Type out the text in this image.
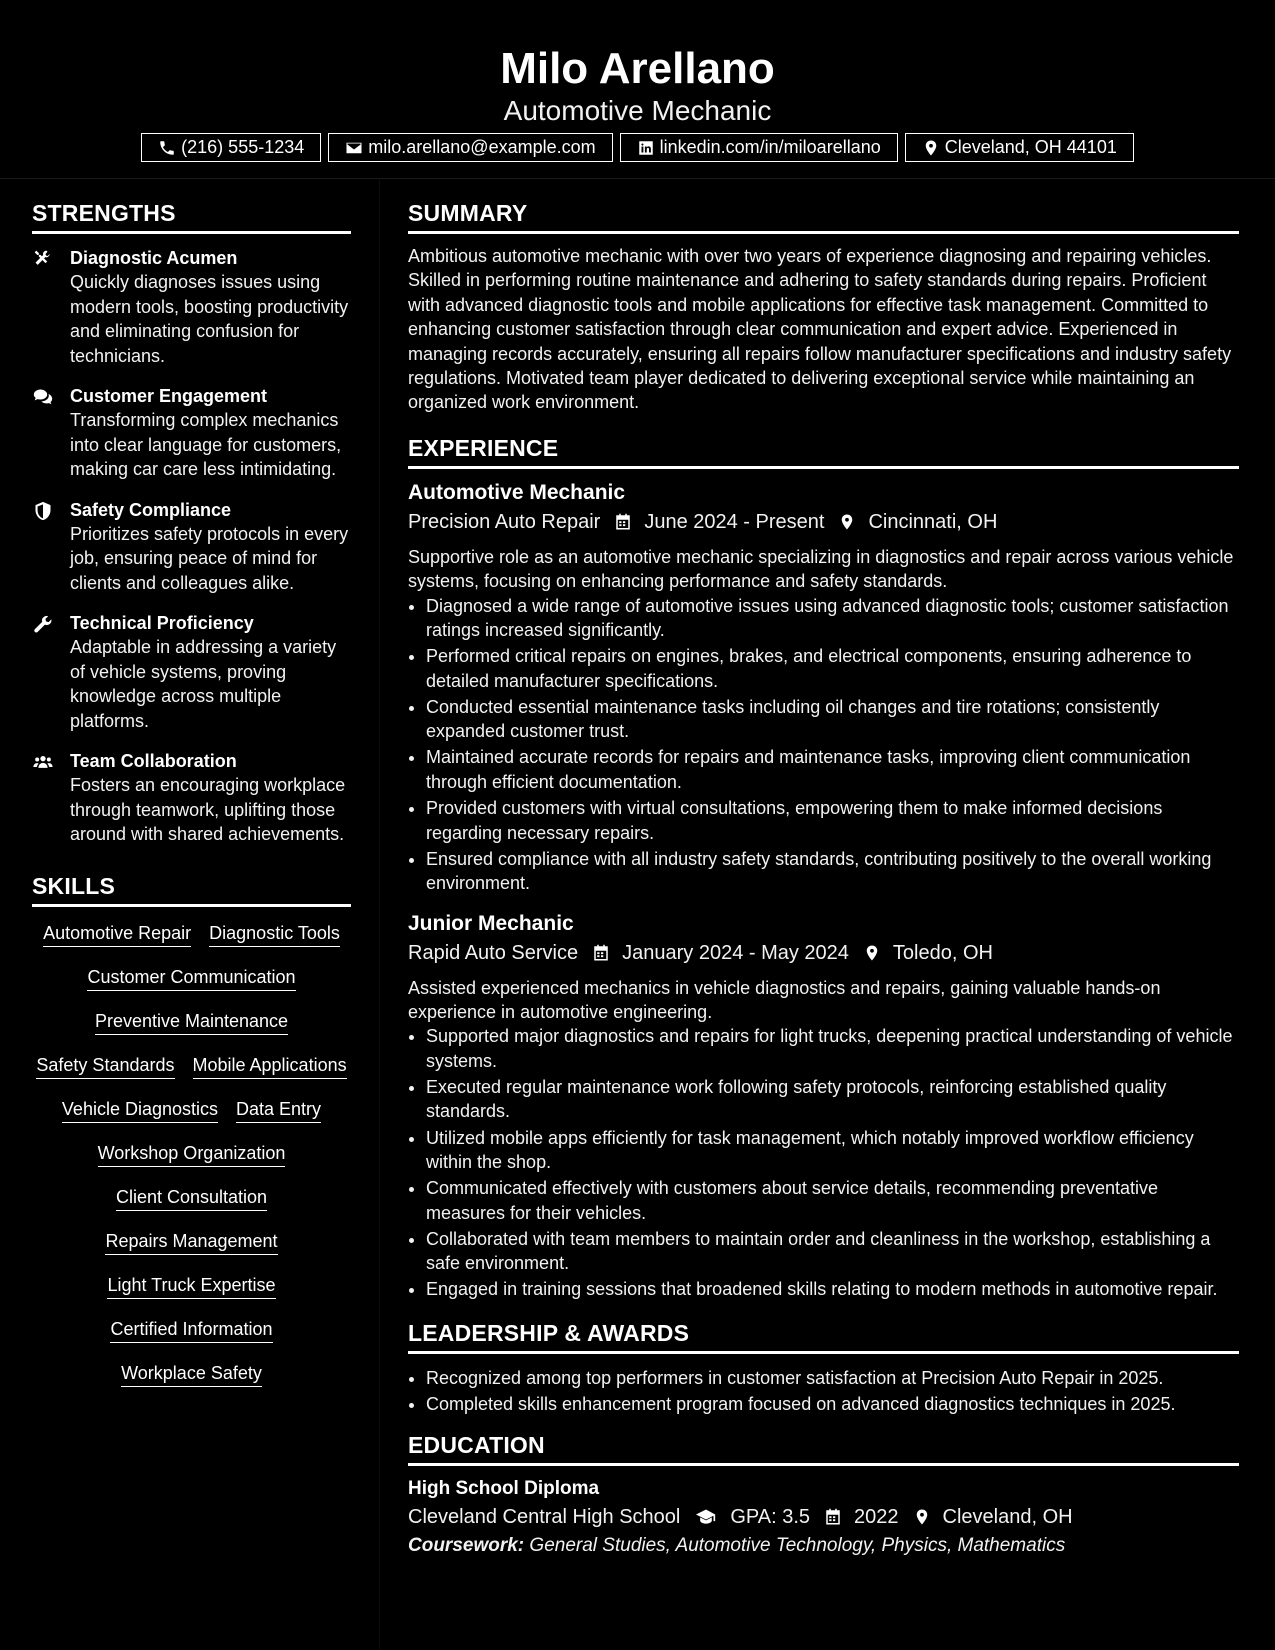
Milo Arellano
Automotive Mechanic
(216) 555-1234	milo.arellano@example.com	linkedin.com/in/miloarellano	Cleveland, OH 44101
STRENGTHS
Diagnostic Acumen
Quickly diagnoses issues using modern tools, boosting productivity and eliminating confusion for technicians.
Customer Engagement
Transforming complex mechanics into clear language for customers, making car care less intimidating.
Safety Compliance
Prioritizes safety protocols in every job, ensuring peace of mind for clients and colleagues alike.
Technical Proficiency
Adaptable in addressing a variety of vehicle systems, proving knowledge across multiple platforms.
Team Collaboration
Fosters an encouraging workplace through teamwork, uplifting those around with shared achievements.
SKILLS
Automotive Repair Diagnostic Tools
Customer Communication
Preventive Maintenance
Safety Standards Mobile Applications
Vehicle Diagnostics Data Entry
Workshop Organization
Client Consultation
Repairs Management
Light Truck Expertise
Certified Information
Workplace Safety
SUMMARY
Ambitious automotive mechanic with over two years of experience diagnosing and repairing vehicles. Skilled in performing routine maintenance and adhering to safety standards during repairs. Proficient with advanced diagnostic tools and mobile applications for effective task management. Committed to enhancing customer satisfaction through clear communication and expert advice. Experienced in managing records accurately, ensuring all repairs follow manufacturer specifications and industry safety regulations. Motivated team player dedicated to delivering exceptional service while maintaining an organized work environment.
EXPERIENCE
Automotive Mechanic
Precision Auto Repair June 2024 - Present Cincinnati, OH
Supportive role as an automotive mechanic specializing in diagnostics and repair across various vehicle systems, focusing on enhancing performance and safety standards.
• Diagnosed a wide range of automotive issues using advanced diagnostic tools; customer satisfaction ratings increased significantly.
• Performed critical repairs on engines, brakes, and electrical components, ensuring adherence to detailed manufacturer specifications.
• Conducted essential maintenance tasks including oil changes and tire rotations; consistently expanded customer trust.
• Maintained accurate records for repairs and maintenance tasks, improving client communication through efficient documentation.
• Provided customers with virtual consultations, empowering them to make informed decisions regarding necessary repairs.
• Ensured compliance with all industry safety standards, contributing positively to the overall working environment.
Junior Mechanic
Rapid Auto Service January 2024 - May 2024 Toledo, OH
Assisted experienced mechanics in vehicle diagnostics and repairs, gaining valuable hands-on experience in automotive engineering.
• Supported major diagnostics and repairs for light trucks, deepening practical understanding of vehicle systems.
• Executed regular maintenance work following safety protocols, reinforcing established quality standards.
• Utilized mobile apps efficiently for task management, which notably improved workflow efficiency within the shop.
• Communicated effectively with customers about service details, recommending preventative measures for their vehicles.
• Collaborated with team members to maintain order and cleanliness in the workshop, establishing a safe environment.
• Engaged in training sessions that broadened skills relating to modern methods in automotive repair.
LEADERSHIP & AWARDS
• Recognized among top performers in customer satisfaction at Precision Auto Repair in 2025.
• Completed skills enhancement program focused on advanced diagnostics techniques in 2025.
EDUCATION
High School Diploma
Cleveland Central High School	GPA: 3.5 2022 Cleveland, OH
Coursework: General Studies, Automotive Technology, Physics, Mathematics
